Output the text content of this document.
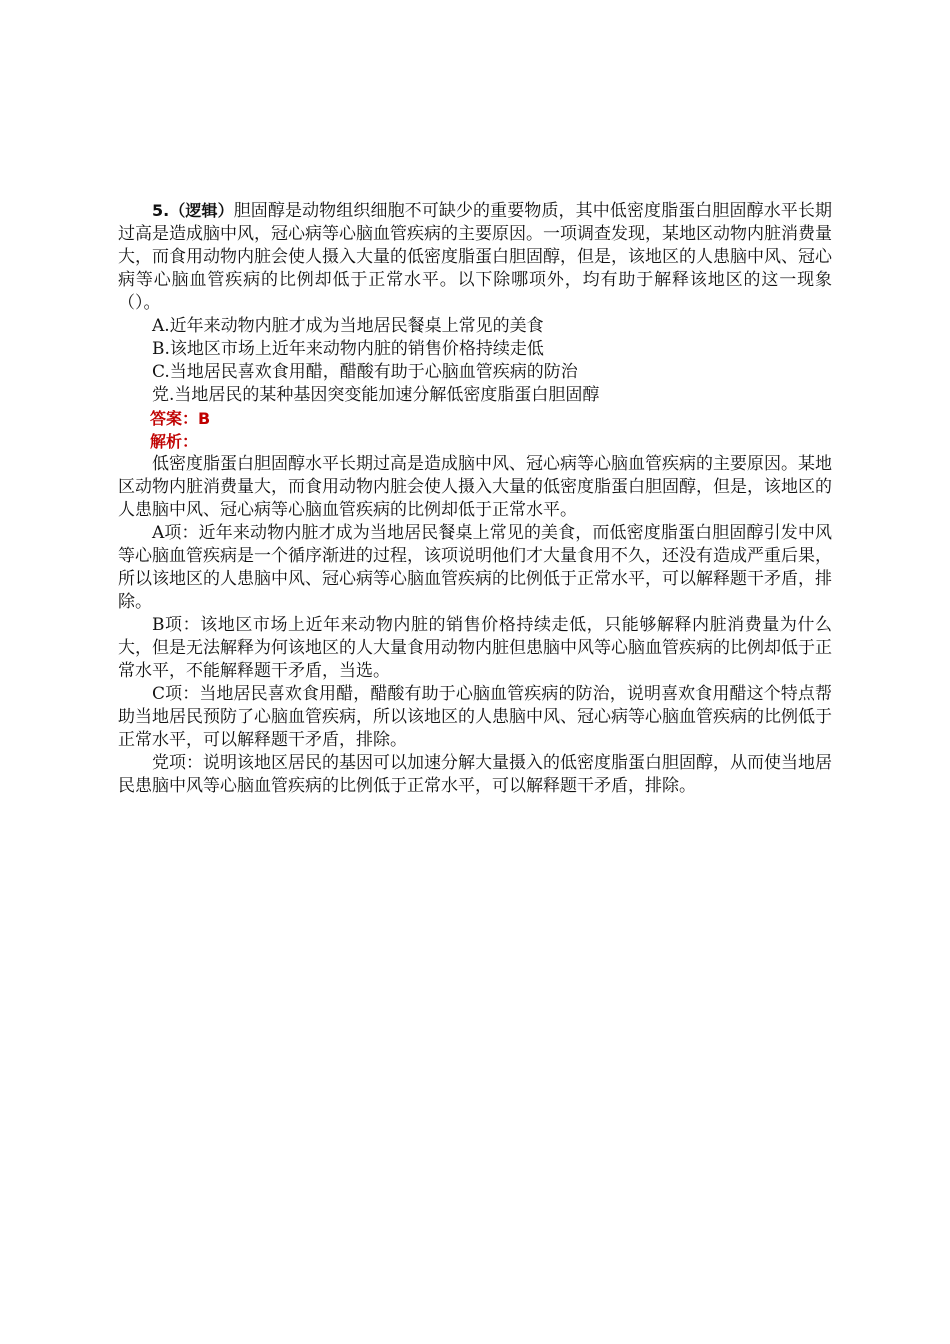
5.（逻辑）胆固醇是动物组织细胞不可缺少的重要物质，其中低密度脂蛋白胆固醇水平长期过高是造成脑中风，冠心病等心脑血管疾病的主要原因。一项调查发现，某地区动物内脏消费量大，而食用动物内脏会使人摄入大量的低密度脂蛋白胆固醇，但是，该地区的人患脑中风、冠心病等心脑血管疾病的比例却低于正常水平。以下除哪项外，均有助于解释该地区的这一现象（）。

A.近年来动物内脏才成为当地居民餐桌上常见的美食

B.该地区市场上近年来动物内脏的销售价格持续走低

C.当地居民喜欢食用醋，醋酸有助于心脑血管疾病的防治

党.当地居民的某种基因突变能加速分解低密度脂蛋白胆固醇

答案：B

解析：

低密度脂蛋白胆固醇水平长期过高是造成脑中风、冠心病等心脑血管疾病的主要原因。某地区动物内脏消费量大，而食用动物内脏会使人摄入大量的低密度脂蛋白胆固醇，但是，该地区的人患脑中风、冠心病等心脑血管疾病的比例却低于正常水平。

A项：近年来动物内脏才成为当地居民餐桌上常见的美食，而低密度脂蛋白胆固醇引发中风等心脑血管疾病是一个循序渐进的过程，该项说明他们才大量食用不久，还没有造成严重后果，所以该地区的人患脑中风、冠心病等心脑血管疾病的比例低于正常水平，可以解释题干矛盾，排除。

B项：该地区市场上近年来动物内脏的销售价格持续走低，只能够解释内脏消费量为什么大，但是无法解释为何该地区的人大量食用动物内脏但患脑中风等心脑血管疾病的比例却低于正常水平，不能解释题干矛盾，当选。

C项：当地居民喜欢食用醋，醋酸有助于心脑血管疾病的防治，说明喜欢食用醋这个特点帮助当地居民预防了心脑血管疾病，所以该地区的人患脑中风、冠心病等心脑血管疾病的比例低于正常水平，可以解释题干矛盾，排除。

党项：说明该地区居民的基因可以加速分解大量摄入的低密度脂蛋白胆固醇，从而使当地居民患脑中风等心脑血管疾病的比例低于正常水平，可以解释题干矛盾，排除。
